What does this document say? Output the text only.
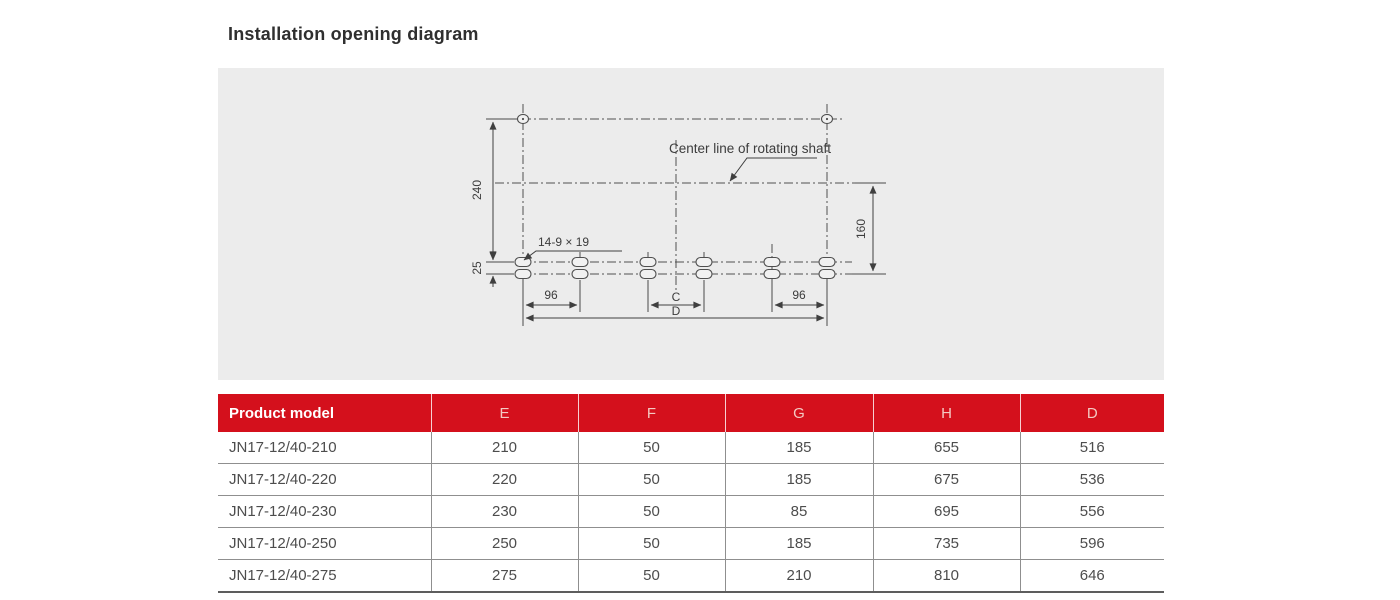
Installation opening diagram
Center line of rotating shaft
14-9 × 19
240
25
160
96	C	96
D
Product model	E	F	G	H	D
JN17-12/40-210	210	50	185	655	516
JN17-12/40-220	220	50	185	675	536
JN17-12/40-230	230	50	85	695	556
JN17-12/40-250	250	50	185	735	596
JN17-12/40-275	275	50	210	810	646
